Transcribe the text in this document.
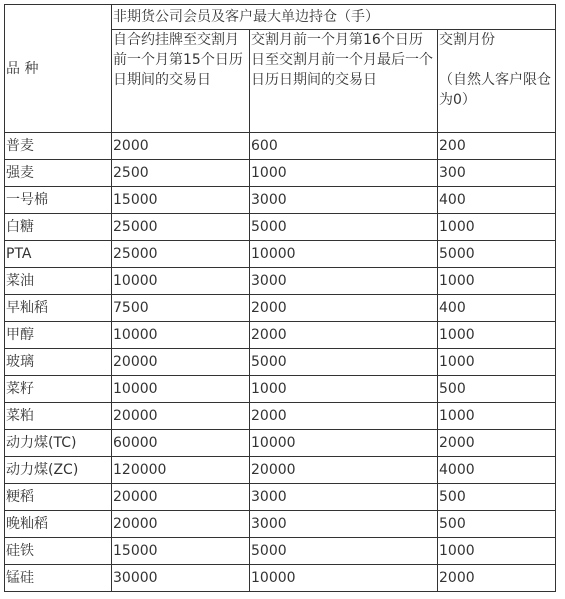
品 种	非期货公司会员及客户最大单边持仓（手）		
	自合约挂牌至交割月前一个月第15个日历日期间的交易日	交割月前一个月第16个日历日至交割月前一个月最后一个日历日期间的交易日	交割月份
（自然人客户限仓为0）
普麦	2000	600	200
强麦	2500	1000	300
一号棉	15000	3000	400
白糖	25000	5000	1000
PTA	25000	10000	5000
菜油	10000	3000	1000
早籼稻	7500	2000	400
甲醇	10000	2000	1000
玻璃	20000	5000	1000
菜籽	10000	1000	500
菜粕	20000	2000	1000
动力煤(TC)	60000	10000	2000
动力煤(ZC)	120000	20000	4000
粳稻	20000	3000	500
晚籼稻	20000	3000	500
硅铁	15000	5000	1000
锰硅	30000	10000	2000
